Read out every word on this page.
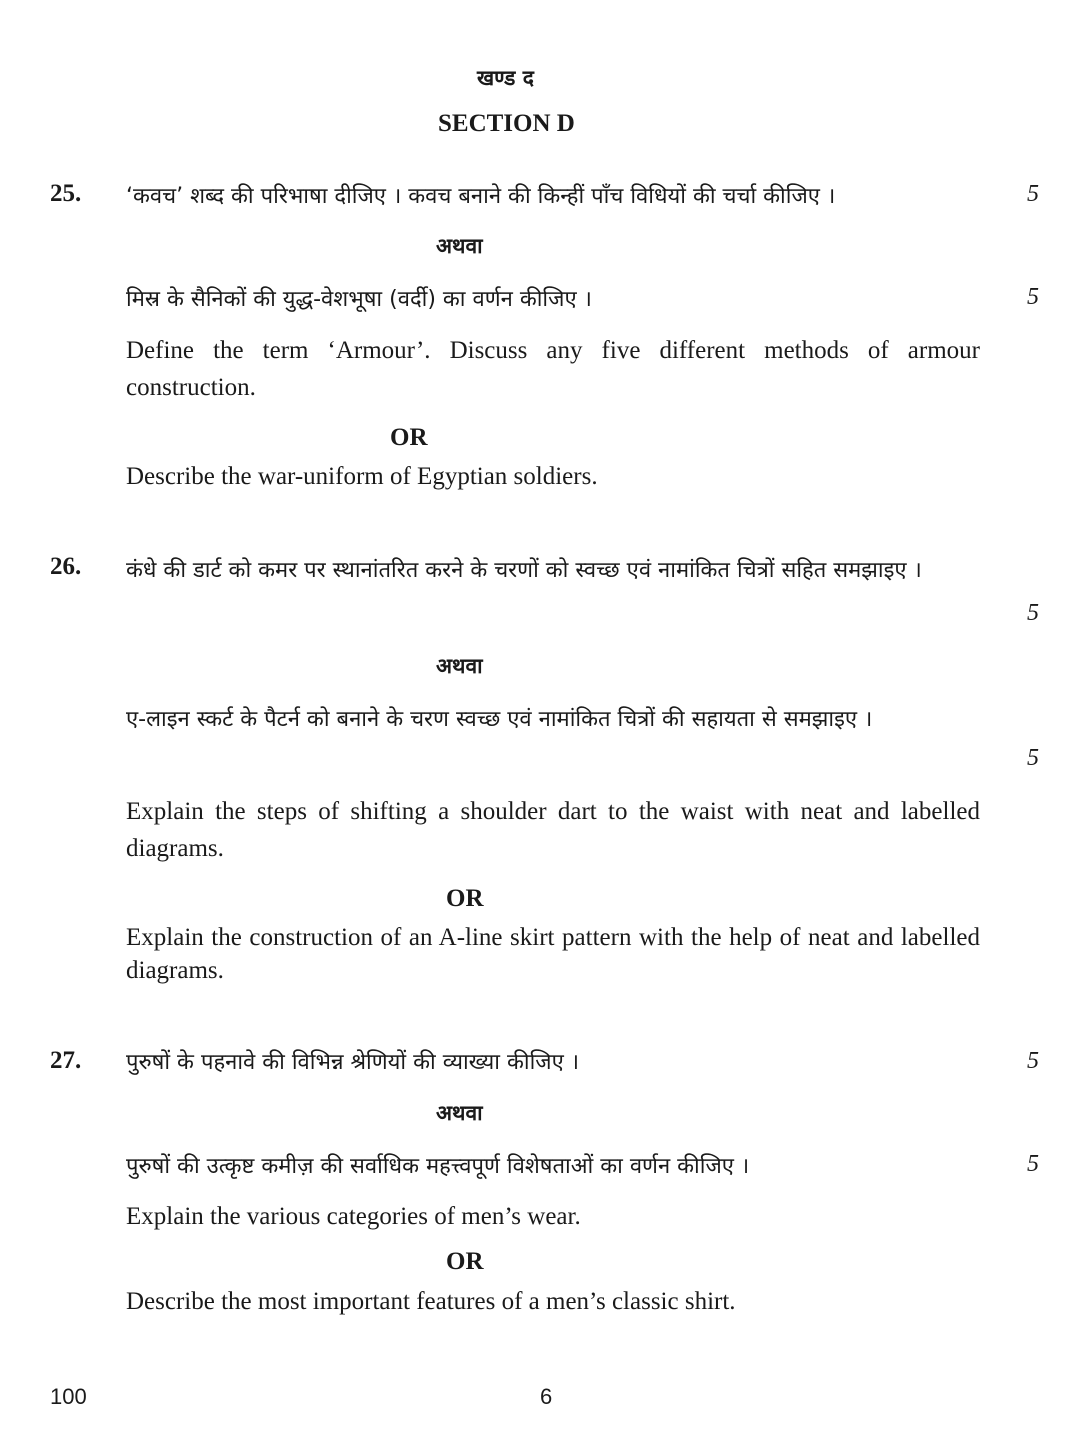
खण्ड द
SECTION D
25. ‘कवच’ शब्द की परिभाषा दीजिए । कवच बनाने की किन्हीं पाँच विधियों की चर्चा कीजिए ।	5
अथवा
मिस्र के सैनिकों की युद्ध-वेशभूषा (वर्दी) का वर्णन कीजिए ।	5
Define the term ‘Armour’. Discuss any five different methods of armour construction.
OR
Describe the war-uniform of Egyptian soldiers.
26. कंधे की डार्ट को कमर पर स्थानांतरित करने के चरणों को स्वच्छ एवं नामांकित चित्रों सहित समझाइए ।
5
अथवा
ए-लाइन स्कर्ट के पैटर्न को बनाने के चरण स्वच्छ एवं नामांकित चित्रों की सहायता से समझाइए ।
5
Explain the steps of shifting a shoulder dart to the waist with neat and labelled diagrams.
OR
Explain the construction of an A-line skirt pattern with the help of neat and labelled diagrams.
27. पुरुषों के पहनावे की विभिन्न श्रेणियों की व्याख्या कीजिए ।	5
अथवा
पुरुषों की उत्कृष्ट कमीज़ की सर्वाधिक महत्त्वपूर्ण विशेषताओं का वर्णन कीजिए ।	5
Explain the various categories of men’s wear.
OR
Describe the most important features of a men’s classic shirt.
100	6
